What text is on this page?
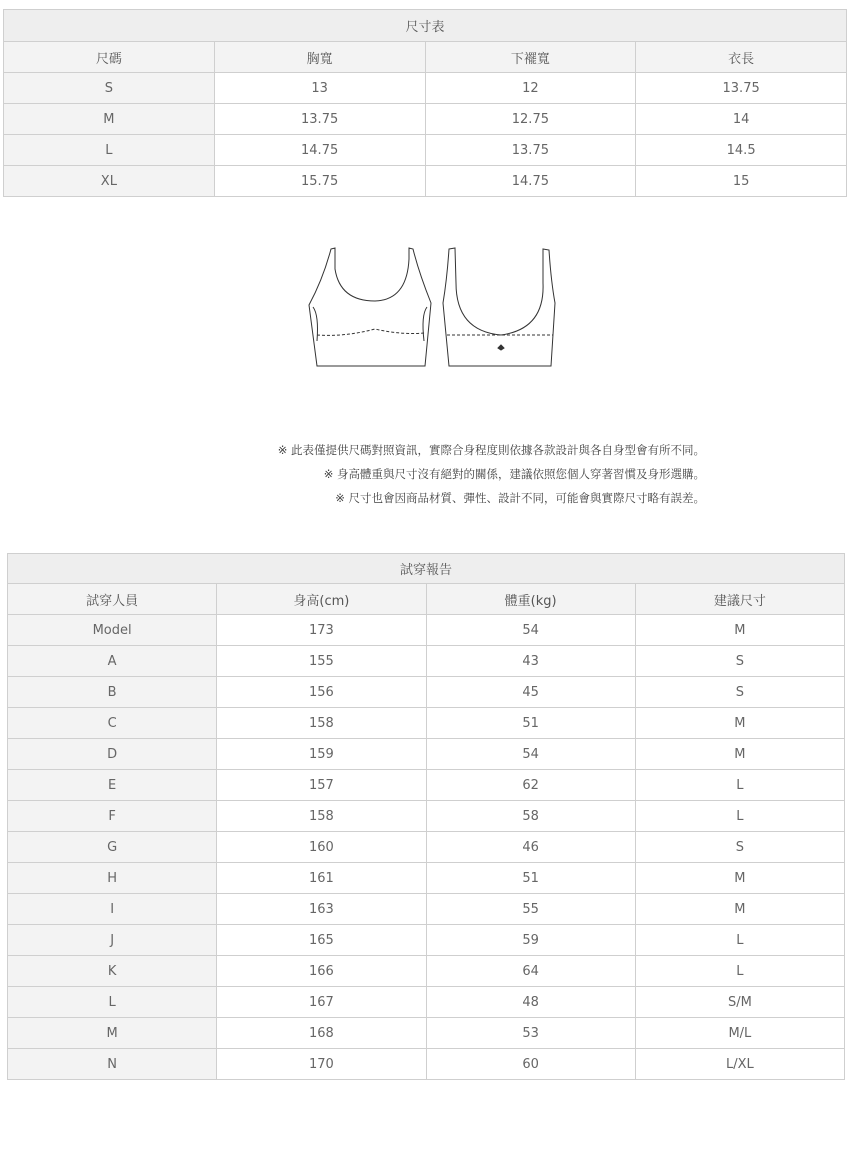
尺寸表			
尺碼	胸寬	下襬寬	衣長
S	13	12	13.75
M	13.75	12.75	14
L	14.75	13.75	14.5
XL	15.75	14.75	15
※ 此表僅提供尺碼對照資訊，實際合身程度則依據各款設計與各自身型會有所不同。
※ 身高體重與尺寸沒有絕對的關係，建議依照您個人穿著習慣及身形選購。
※ 尺寸也會因商品材質、彈性、設計不同，可能會與實際尺寸略有誤差。
試穿報告			
試穿人員	身高(cm)	體重(kg)	建議尺寸
Model	173	54	M
A	155	43	S
B	156	45	S
C	158	51	M
D	159	54	M
E	157	62	L
F	158	58	L
G	160	46	S
H	161	51	M
I	163	55	M
J	165	59	L
K	166	64	L
L	167	48	S/M
M	168	53	M/L
N	170	60	L/XL
